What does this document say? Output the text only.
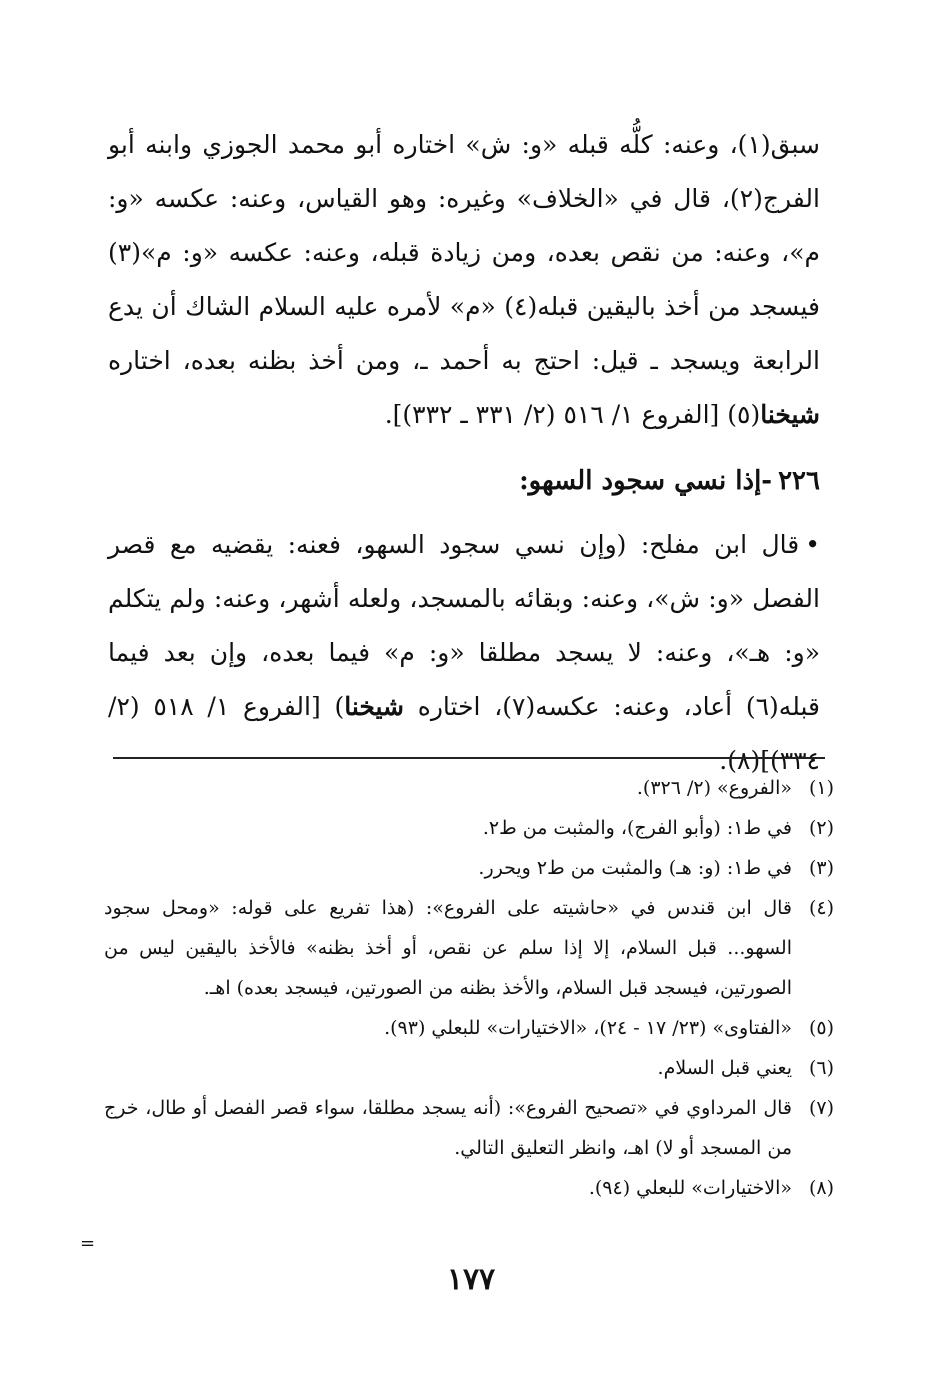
سبق(١)، وعنه: كلُّه قبله «و: ش» اختاره أبو محمد الجوزي وابنه أبو الفرج(٢)، قال في «الخلاف» وغيره: وهو القياس، وعنه: عكسه «و: م»، وعنه: من نقص بعده، ومن زيادة قبله، وعنه: عكسه «و: م»(٣) فيسجد من أخذ باليقين قبله(٤) «م» لأمره عليه السلام الشاك أن يدع الرابعة ويسجد ـ قيل: احتج به أحمد ـ، ومن أخذ بظنه بعده، اختاره شيخنا(٥) [الفروع ١/ ٥١٦ (٢/ ٣٣١ ـ ٣٣٢)].

٢٢٦-إذا نسي سجود السهو:

•قال ابن مفلح: (وإن نسي سجود السهو، فعنه: يقضيه مع قصر الفصل «و: ش»، وعنه: وبقائه بالمسجد، ولعله أشهر، وعنه: ولم يتكلم «و: هـ»، وعنه: لا يسجد مطلقا «و: م» فيما بعده، وإن بعد فيما قبله(٦) أعاد، وعنه: عكسه(٧)، اختاره شيخنا) [الفروع ١/ ٥١٨ (٢/ ٣٣٤)](٨).

(١)
«الفروع» (٢/ ٣٢٦).
(٢)
في ط١: (وأبو الفرج)، والمثبت من ط٢.
(٣)
في ط١: (و: هـ) والمثبت من ط٢ ويحرر.
(٤)
قال ابن قندس في «حاشيته على الفروع»: (هذا تفريع على قوله: «ومحل سجود السهو... قبل السلام، إلا إذا سلم عن نقص، أو أخذ بظنه» فالأخذ باليقين ليس من الصورتين، فيسجد قبل السلام، والأخذ بظنه من الصورتين، فيسجد بعده) اهـ.
(٥)
«الفتاوى» (٢٣/ ١٧ - ٢٤)، «الاختيارات» للبعلي (٩٣).
(٦)
يعني قبل السلام.
(٧)
قال المرداوي في «تصحيح الفروع»: (أنه يسجد مطلقا، سواء قصر الفصل أو طال، خرج من المسجد أو لا) اهـ، وانظر التعليق التالي.
(٨)
«الاختيارات» للبعلي (٩٤).
=
١٧٧
